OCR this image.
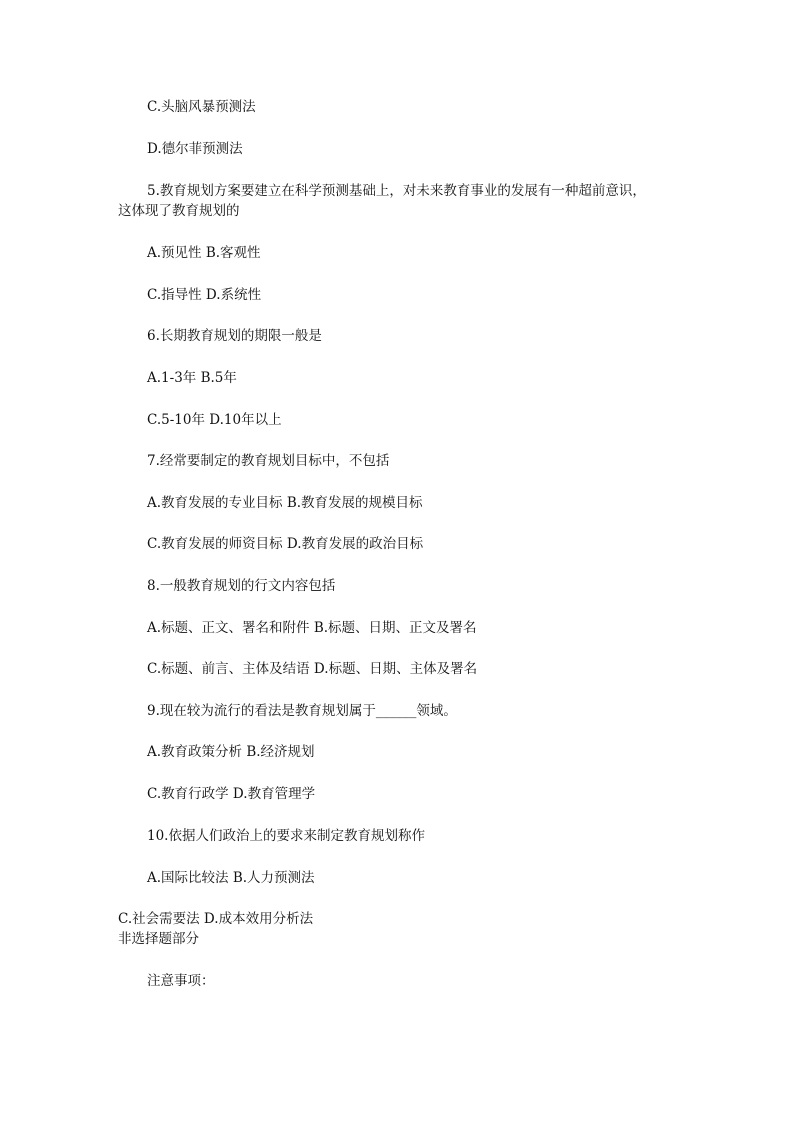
C.头脑风暴预测法
D.德尔菲预测法
5.教育规划方案要建立在科学预测基础上，对未来教育事业的发展有一种超前意识，
这体现了教育规划的
A.预见性 B.客观性
C.指导性 D.系统性
6.长期教育规划的期限一般是
A.1-3年 B.5年
C.5-10年 D.10年以上
7.经常要制定的教育规划目标中，不包括
A.教育发展的专业目标 B.教育发展的规模目标
C.教育发展的师资目标 D.教育发展的政治目标
8.一般教育规划的行文内容包括
A.标题、正文、署名和附件 B.标题、日期、正文及署名
C.标题、前言、主体及结语 D.标题、日期、主体及署名
9.现在较为流行的看法是教育规划属于______领域。
A.教育政策分析 B.经济规划
C.教育行政学 D.教育管理学
10.依据人们政治上的要求来制定教育规划称作
A.国际比较法 B.人力预测法
C.社会需要法 D.成本效用分析法
非选择题部分
注意事项：
